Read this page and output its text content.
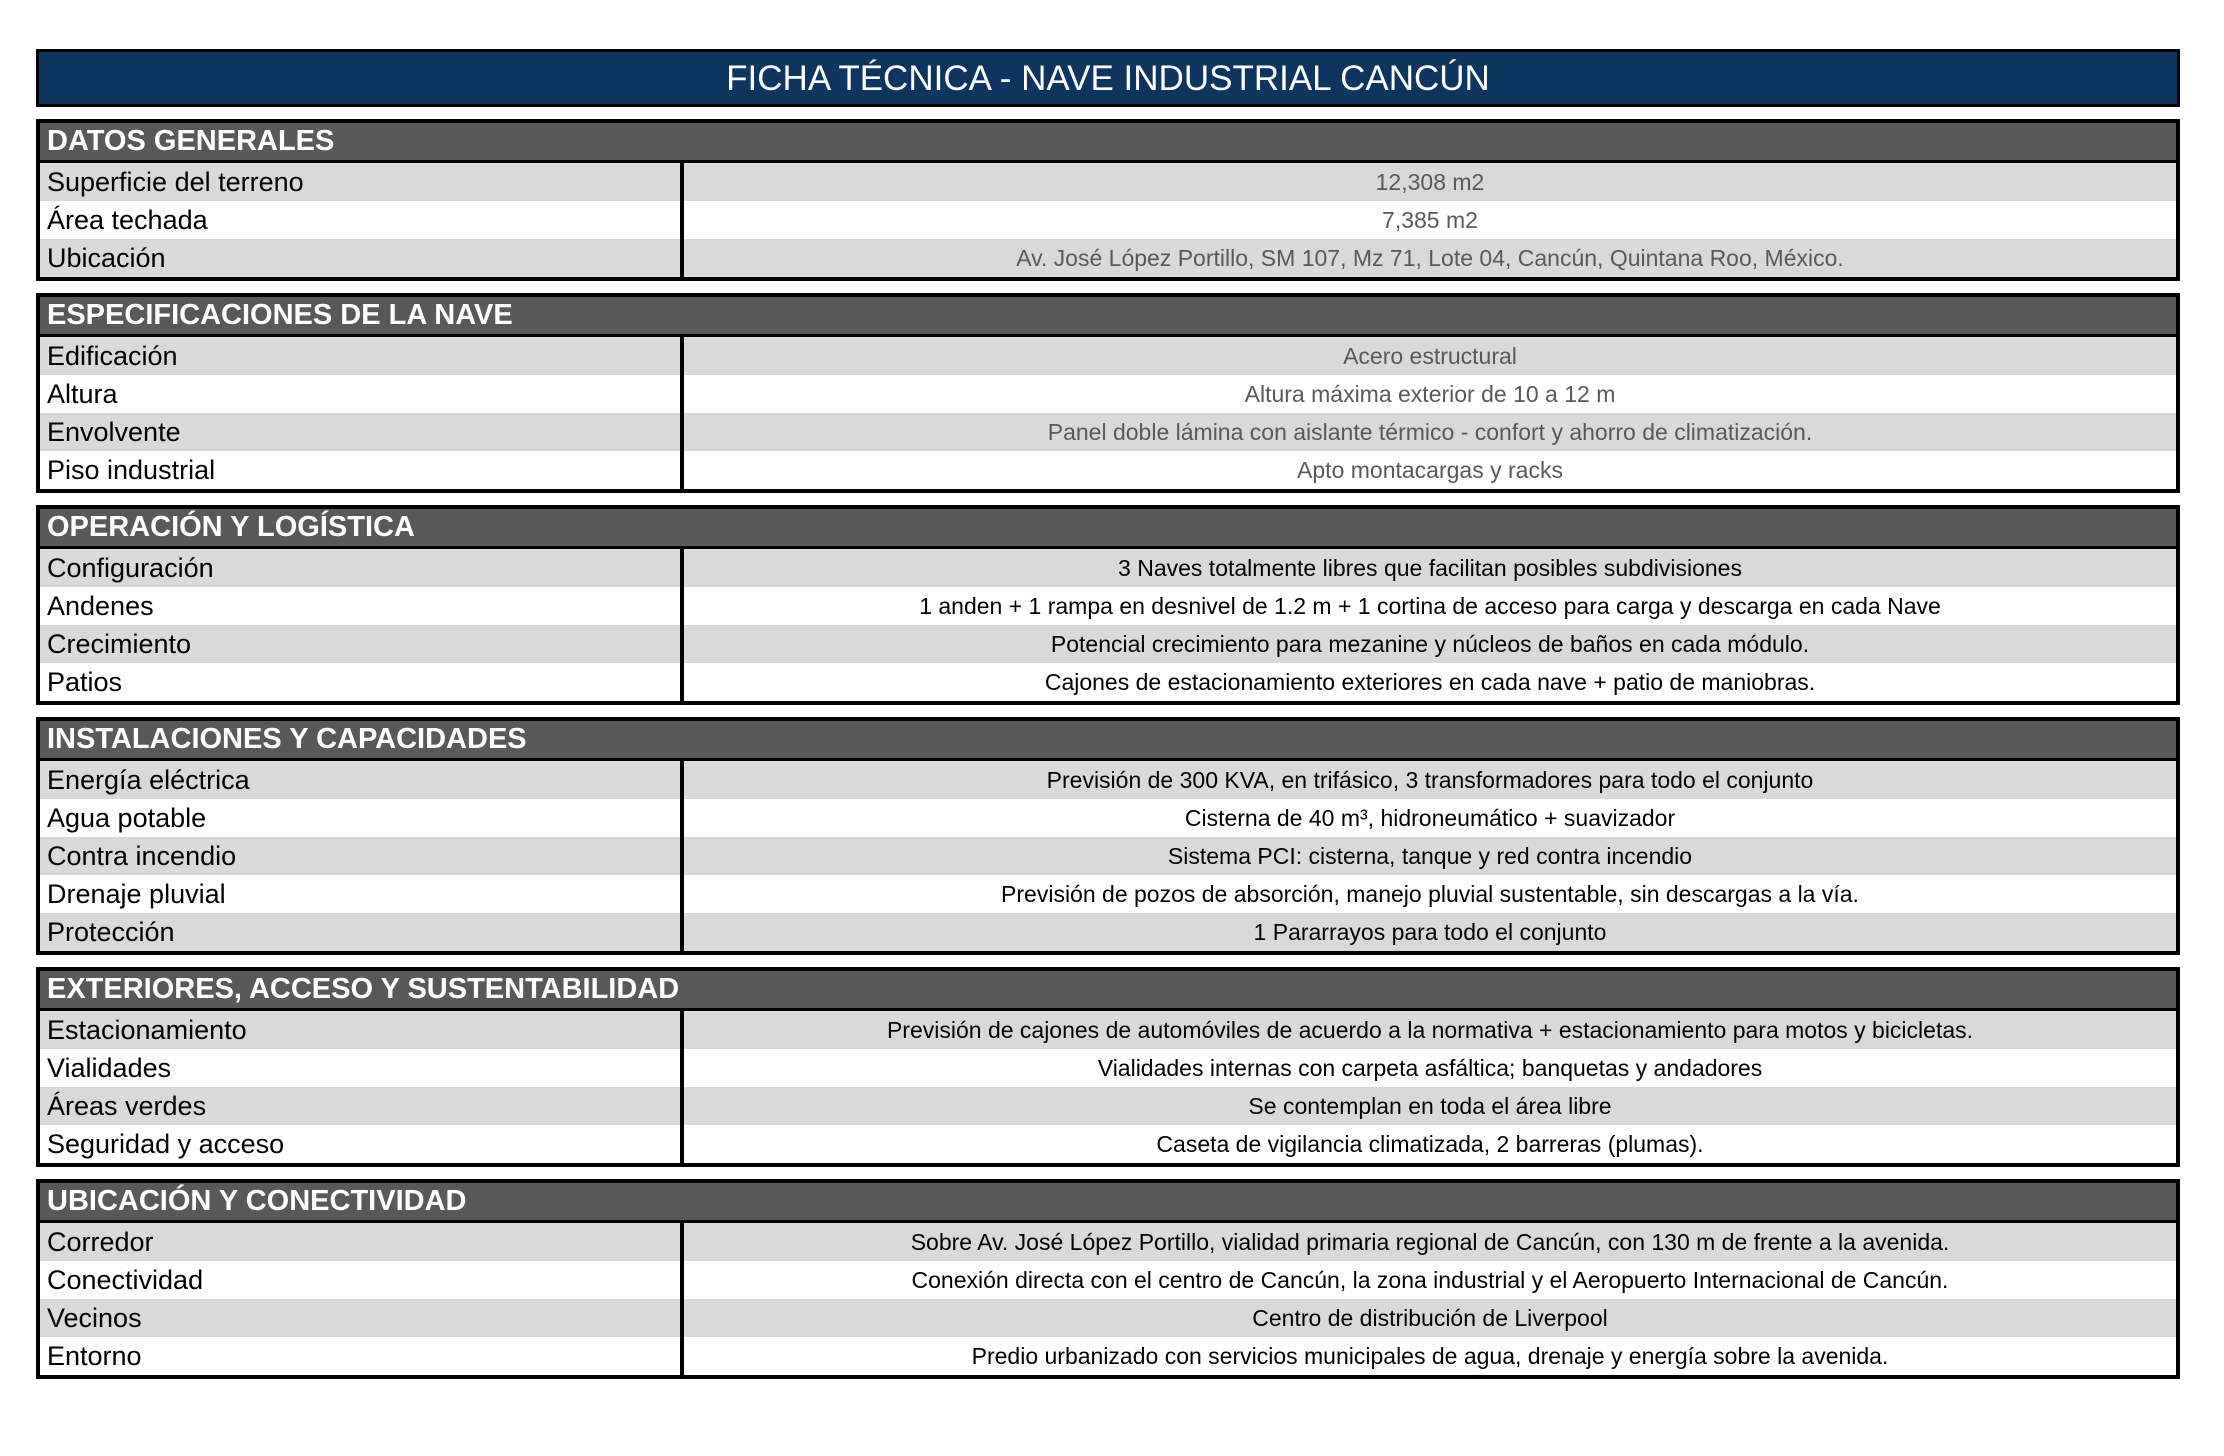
FICHA TÉCNICA - NAVE INDUSTRIAL CANCÚN
DATOS GENERALES
Superficie del terreno	12,308 m2
Área techada	7,385 m2
Ubicación	Av. José López Portillo, SM 107, Mz 71, Lote 04, Cancún, Quintana Roo, México.
ESPECIFICACIONES DE LA NAVE
Edificación	Acero estructural
Altura	Altura máxima exterior de 10 a 12 m
Envolvente	Panel doble lámina con aislante térmico - confort y ahorro de climatización.
Piso industrial	Apto montacargas y racks
OPERACIÓN Y LOGÍSTICA
Configuración	3 Naves totalmente libres que facilitan posibles subdivisiones
Andenes	1 anden + 1 rampa en desnivel de 1.2 m + 1 cortina de acceso para carga y descarga en cada Nave
Crecimiento	Potencial crecimiento para mezanine y núcleos de baños en cada módulo.
Patios	Cajones de estacionamiento exteriores en cada nave + patio de maniobras.
INSTALACIONES Y CAPACIDADES
Energía eléctrica	Previsión de 300 KVA, en trifásico, 3 transformadores para todo el conjunto
Agua potable	Cisterna de 40 m³, hidroneumático + suavizador
Contra incendio	Sistema PCI: cisterna, tanque y red contra incendio
Drenaje pluvial	Previsión de pozos de absorción, manejo pluvial sustentable, sin descargas a la vía.
Protección	1 Pararrayos para todo el conjunto
EXTERIORES, ACCESO Y SUSTENTABILIDAD
Estacionamiento	Previsión de cajones de automóviles de acuerdo a la normativa + estacionamiento para motos y bicicletas.
Vialidades	Vialidades internas con carpeta asfáltica; banquetas y andadores
Áreas verdes	Se contemplan en toda el área libre
Seguridad y acceso	Caseta de vigilancia climatizada, 2 barreras (plumas).
UBICACIÓN Y CONECTIVIDAD
Corredor	Sobre Av. José López Portillo, vialidad primaria regional de Cancún, con 130 m de frente a la avenida.
Conectividad	Conexión directa con el centro de Cancún, la zona industrial y el Aeropuerto Internacional de Cancún.
Vecinos	Centro de distribución de Liverpool
Entorno	Predio urbanizado con servicios municipales de agua, drenaje y energía sobre la avenida.
